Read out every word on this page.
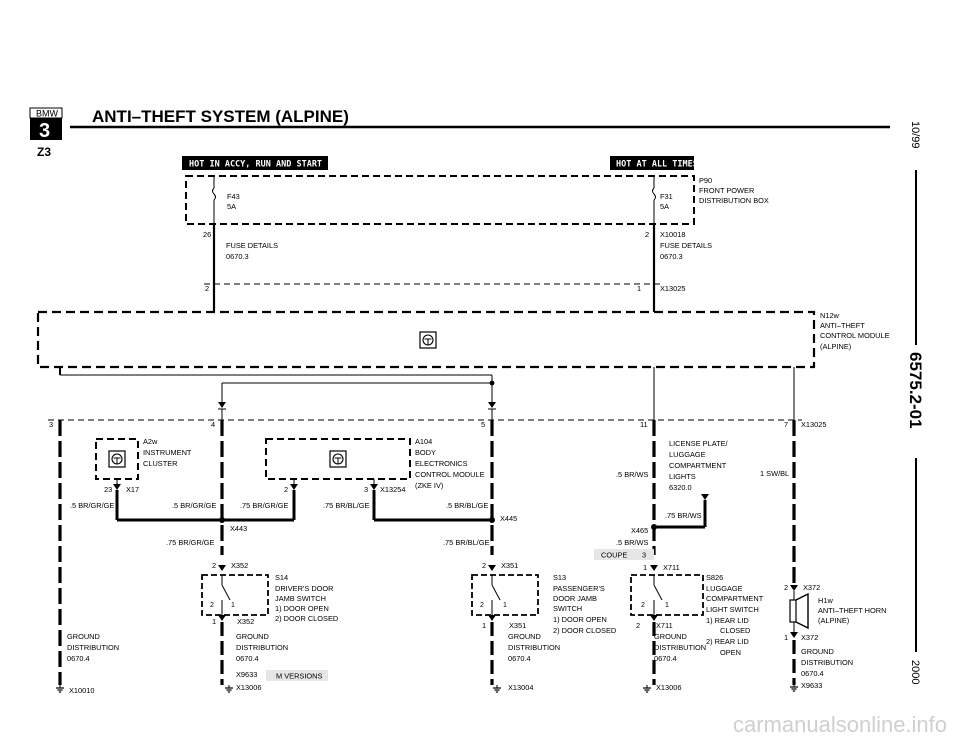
BMW
3
Z3
ANTI–THEFT SYSTEM (ALPINE)
10/99
6575.2-01
2000
HOT IN ACCY, RUN AND START	HOT AT ALL TIMES
F43
5A
F31
5A
P90
FRONT POWER
DISTRIBUTION BOX
26	2 X10018
FUSE DETAILS
0670.3
FUSE DETAILS
0670.3
2	1	X13025
N12w
ANTI–THEFT
CONTROL MODULE
(ALPINE)
3	4	5	11	7 X13025
A2w
INSTRUMENT
CLUSTER
23 X17
A104
BODY
ELECTRONICS
CONTROL MODULE
(ZKE IV)
2	3 X13254
.5 BR/GR/GE	.5 BR/GR/GE	.75 BR/GR/GE	.75 BR/BL/GE	.5 BR/BL/GE
X443
X445
.75 BR/GR/GE	.75 BR/BL/GE
.5 BR/WS	1 SW/BL
.75 BR/WS
X465
.5 BR/WS
COUPE 3
LICENSE PLATE/
LUGGAGE
COMPARTMENT
LIGHTS
6320.0
2 X352
2 1
S14
DRIVER'S DOOR
JAMB SWITCH
1) DOOR OPEN
2) DOOR CLOSED
1	X352
2 X351
2	1
S13
PASSENGER'S
DOOR JAMB
SWITCH
1) DOOR OPEN
2) DOOR CLOSED
1	X351
1 X711
2	1
S826
LUGGAGE
COMPARTMENT
LIGHT SWITCH
1) REAR LID
CLOSED
2) REAR LID
OPEN
2 X711
2 X372
H1w
ANTI–THEFT HORN
(ALPINE)
1 X372
GROUND
DISTRIBUTION
0670.4
X10010
GROUND
DISTRIBUTION
0670.4
X9633	M VERSIONS
X13006
GROUND
DISTRIBUTION
0670.4
X13004
GROUND
DISTRIBUTION
0670.4
X13006
GROUND
DISTRIBUTION
0670.4
X9633
carmanualsonline.info
